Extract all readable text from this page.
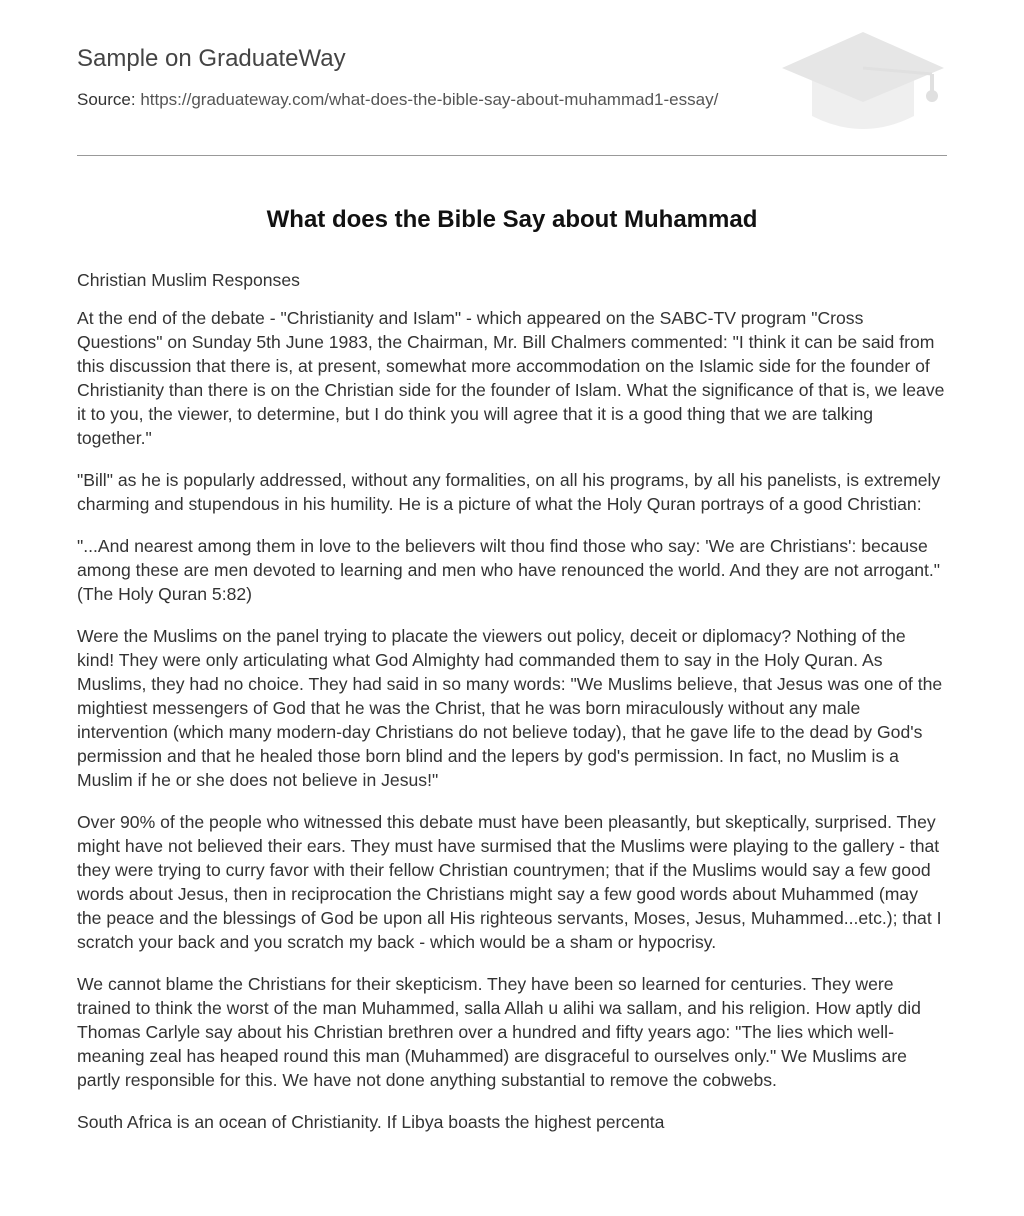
Sample on GraduateWay
Source: https://graduateway.com/what-does-the-bible-say-about-muhammad1-essay/
What does the Bible Say about Muhammad

Christian Muslim Responses

At the end of the debate - "Christianity and Islam" - which appeared on the SABC-TV program "Cross Questions" on Sunday 5th June 1983, the Chairman, Mr. Bill Chalmers commented: "I think it can be said from this discussion that there is, at present, somewhat more accommodation on the Islamic side for the founder of Christianity than there is on the Christian side for the founder of Islam. What the significance of that is, we leave it to you, the viewer, to determine, but I do think you will agree that it is a good thing that we are talking together."

"Bill" as he is popularly addressed, without any formalities, on all his programs, by all his panelists, is extremely charming and stupendous in his humility. He is a picture of what the Holy Quran portrays of a good Christian:

"...And nearest among them in love to the believers wilt thou find those who say: 'We are Christians': because among these are men devoted to learning and men who have renounced the world. And they are not arrogant." (The Holy Quran 5:82)

Were the Muslims on the panel trying to placate the viewers out policy, deceit or diplomacy? Nothing of the kind! They were only articulating what God Almighty had commanded them to say in the Holy Quran. As Muslims, they had no choice. They had said in so many words: "We Muslims believe, that Jesus was one of the mightiest messengers of God that he was the Christ, that he was born miraculously without any male intervention (which many modern-day Christians do not believe today), that he gave life to the dead by God's permission and that he healed those born blind and the lepers by god's permission. In fact, no Muslim is a Muslim if he or she does not believe in Jesus!"

Over 90% of the people who witnessed this debate must have been pleasantly, but skeptically, surprised. They might have not believed their ears. They must have surmised that the Muslims were playing to the gallery - that they were trying to curry favor with their fellow Christian countrymen; that if the Muslims would say a few good words about Jesus, then in reciprocation the Christians might say a few good words about Muhammed (may the peace and the blessings of God be upon all His righteous servants, Moses, Jesus, Muhammed...etc.); that I scratch your back and you scratch my back - which would be a sham or hypocrisy.

We cannot blame the Christians for their skepticism. They have been so learned for centuries. They were trained to think the worst of the man Muhammed, salla Allah u alihi wa sallam, and his religion. How aptly did Thomas Carlyle say about his Christian brethren over a hundred and fifty years ago: "The lies which well-meaning zeal has heaped round this man (Muhammed) are disgraceful to ourselves only." We Muslims are partly responsible for this. We have not done anything substantial to remove the cobwebs.

South Africa is an ocean of Christianity. If Libya boasts the highest percenta
